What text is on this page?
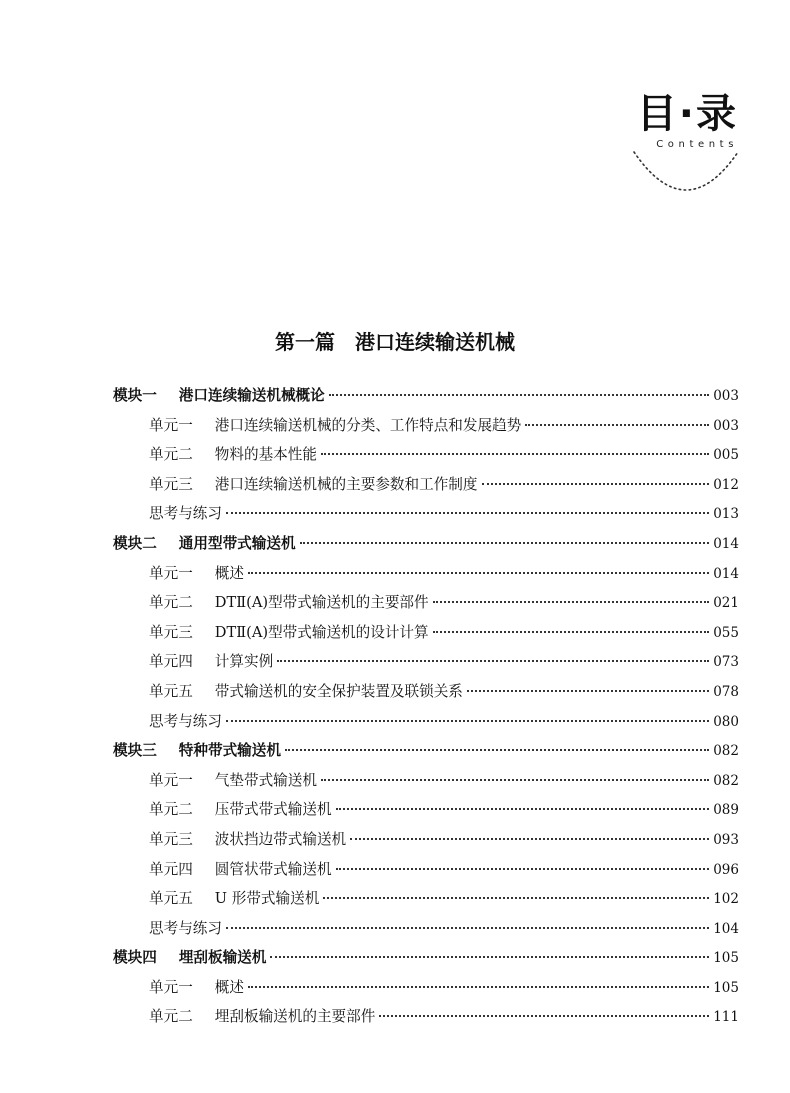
目·录
Contents
第一篇　港口连续输送机械
模块一 港口连续输送机械概论	003
单元一 港口连续输送机械的分类、工作特点和发展趋势	003
单元二 物料的基本性能	005
单元三 港口连续输送机械的主要参数和工作制度	012
思考与练习	013
模块二 通用型带式输送机	014
单元一 概述	014
单元二 DTⅡ(A)型带式输送机的主要部件	021
单元三 DTⅡ(A)型带式输送机的设计计算	055
单元四 计算实例	073
单元五 带式输送机的安全保护装置及联锁关系	078
思考与练习	080
模块三 特种带式输送机	082
单元一 气垫带式输送机	082
单元二 压带式带式输送机	089
单元三 波状挡边带式输送机	093
单元四 圆管状带式输送机	096
单元五 U 形带式输送机	102
思考与练习	104
模块四 埋刮板输送机	105
单元一 概述	105
单元二 埋刮板输送机的主要部件	111
